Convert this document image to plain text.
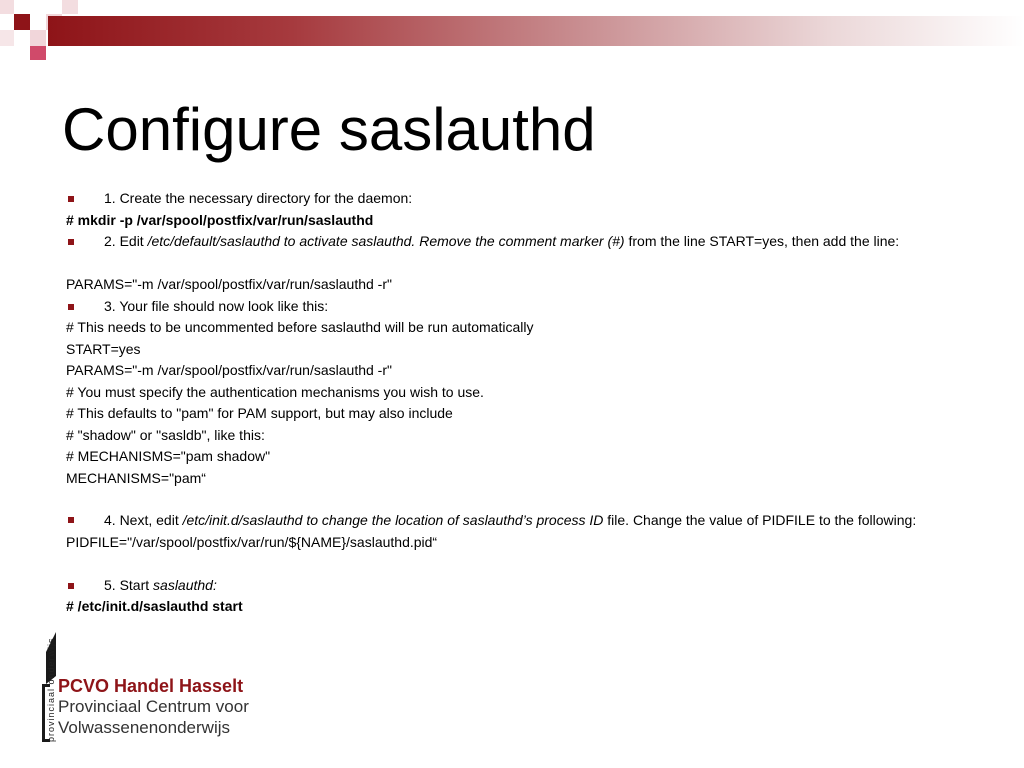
Configure saslauthd

1. Create the necessary directory for the daemon:

# mkdir -p /var/spool/postfix/var/run/saslauthd

2. Edit /etc/default/saslauthd to activate saslauthd. Remove the comment marker (#) from the line START=yes, then add the line:

PARAMS="-m /var/spool/postfix/var/run/saslauthd -r"

3. Your file should now look like this:

# This needs to be uncommented before saslauthd will be run automatically

START=yes

PARAMS="-m /var/spool/postfix/var/run/saslauthd -r"

# You must specify the authentication mechanisms you wish to use.

# This defaults to "pam" for PAM support, but may also include

# "shadow" or "sasldb", like this:

# MECHANISMS="pam shadow"

MECHANISMS="pam“

4. Next, edit /etc/init.d/saslauthd to change the location of saslauthd’s process ID file. Change the value of PIDFILE to the following:

PIDFILE="/var/spool/postfix/var/run/${NAME}/saslauthd.pid“

5. Start saslauthd:

# /etc/init.d/saslauthd start

provinciaal onderwijs PCVO Handel Hasselt
Provinciaal Centrum voor
Volwassenenonderwijs
